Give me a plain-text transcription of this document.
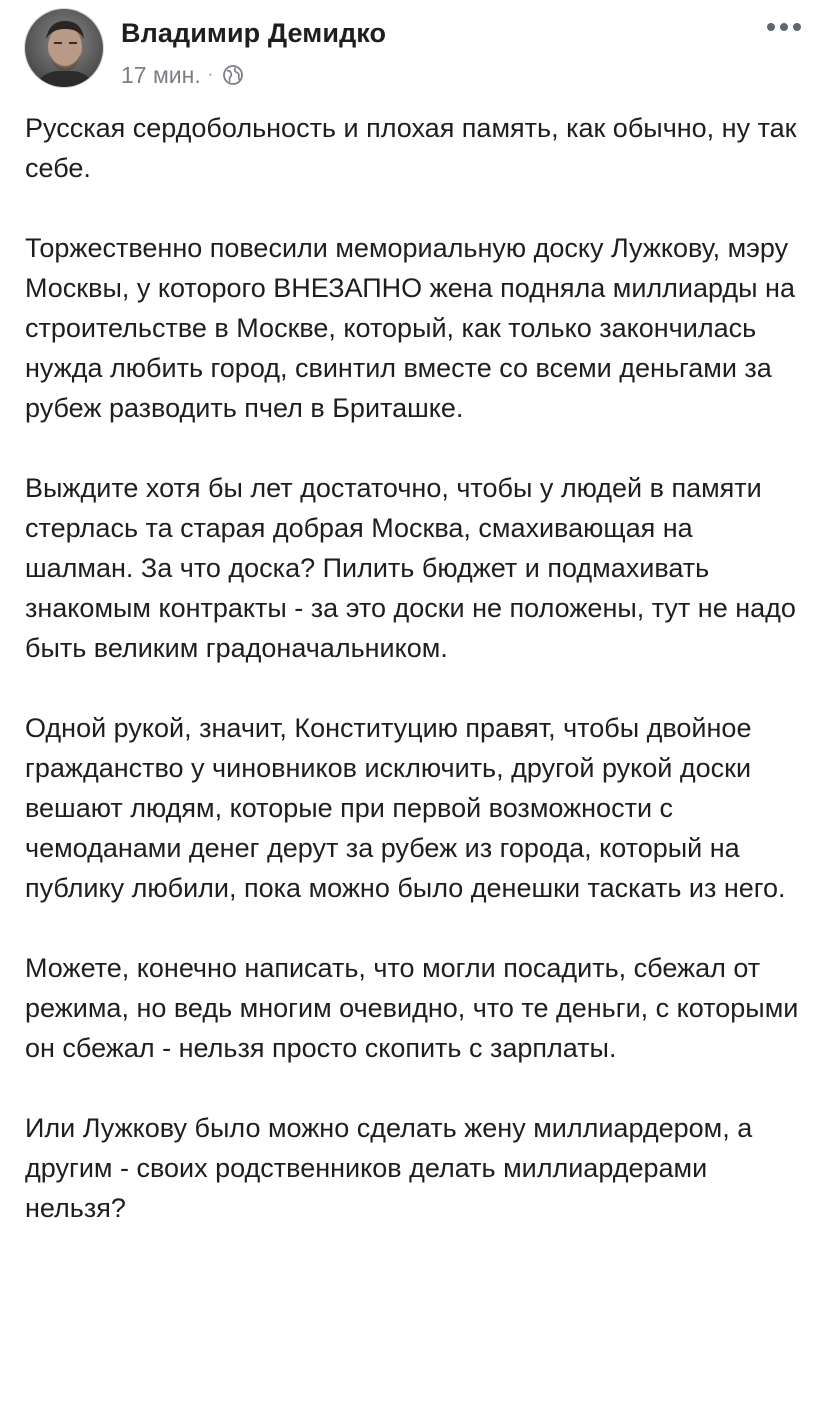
Владимир Демидко
17 мин. ·

Русская сердобольность и плохая память, как обычно, ну так себе.

Торжественно повесили мемориальную доску Лужкову, мэру Москвы, у которого ВНЕЗАПНО жена подняла миллиарды на строительстве в Москве, который, как только закончилась нужда любить город, свинтил вместе со всеми деньгами за рубеж разводить пчел в Бриташке.

Выждите хотя бы лет достаточно, чтобы у людей в памяти стерлась та старая добрая Москва, смахивающая на шалман. За что доска? Пилить бюджет и подмахивать знакомым контракты - за это доски не положены, тут не надо быть великим градоначальником.

Одной рукой, значит, Конституцию правят, чтобы двойное гражданство у чиновников исключить, другой рукой доски вешают людям, которые при первой возможности с чемоданами денег дерут за рубеж из города, который на публику любили, пока можно было денешки таскать из него.

Можете, конечно написать, что могли посадить, сбежал от режима, но ведь многим очевидно, что те деньги, с которыми он сбежал - нельзя просто скопить с зарплаты.

Или Лужкову было можно сделать жену миллиардером, а другим - своих родственников делать миллиардерами нельзя?
